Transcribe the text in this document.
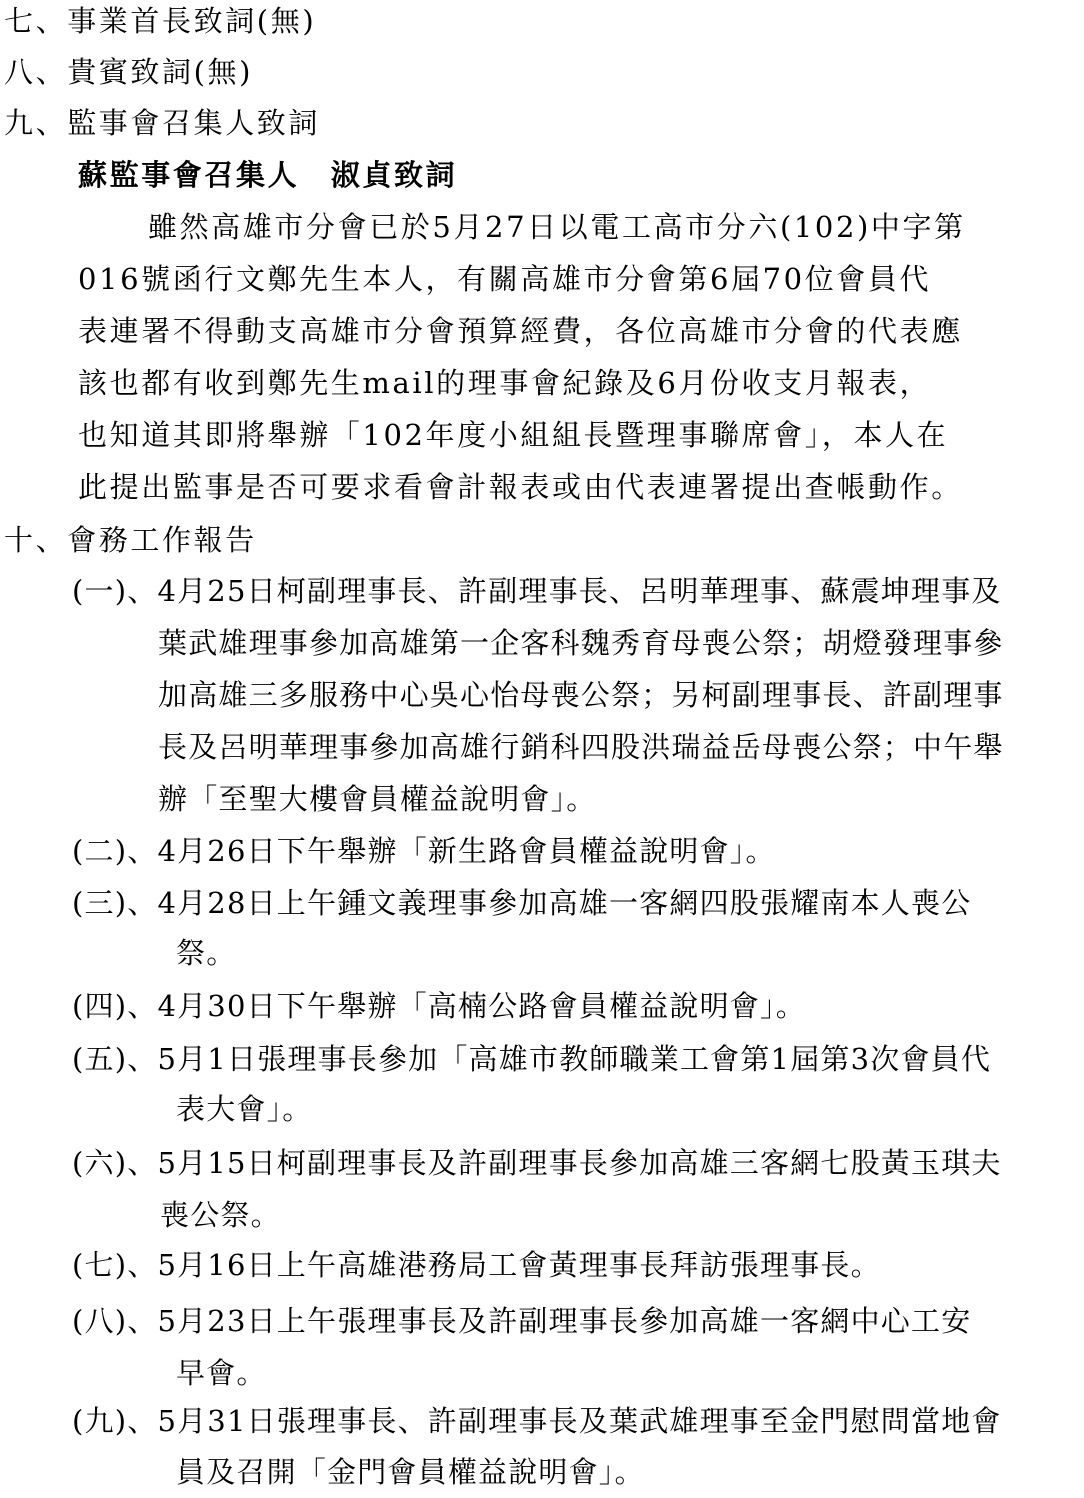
七、事業首長致詞(無)
八、貴賓致詞(無)
九、監事會召集人致詞
蘇監事會召集人　淑貞致詞
雖然高雄市分會已於5月27日以電工高市分六(102)中字第
016號函行文鄭先生本人，有關高雄市分會第6屆70位會員代
表連署不得動支高雄市分會預算經費，各位高雄市分會的代表應
該也都有收到鄭先生mail的理事會紀錄及6月份收支月報表，
也知道其即將舉辦「102年度小組組長暨理事聯席會」，本人在
此提出監事是否可要求看會計報表或由代表連署提出查帳動作。
十、會務工作報告
(一)、4月25日柯副理事長、許副理事長、呂明華理事、蘇震坤理事及
葉武雄理事參加高雄第一企客科魏秀育母喪公祭；胡燈發理事參
加高雄三多服務中心吳心怡母喪公祭；另柯副理事長、許副理事
長及呂明華理事參加高雄行銷科四股洪瑞益岳母喪公祭；中午舉
辦「至聖大樓會員權益說明會」。
(二)、4月26日下午舉辦「新生路會員權益說明會」。
(三)、4月28日上午鍾文義理事參加高雄一客網四股張耀南本人喪公
祭。
(四)、4月30日下午舉辦「高楠公路會員權益說明會」。
(五)、5月1日張理事長參加「高雄市教師職業工會第1屆第3次會員代
表大會」。
(六)、5月15日柯副理事長及許副理事長參加高雄三客網七股黃玉琪夫
喪公祭。
(七)、5月16日上午高雄港務局工會黃理事長拜訪張理事長。
(八)、5月23日上午張理事長及許副理事長參加高雄一客網中心工安
早會。
(九)、5月31日張理事長、許副理事長及葉武雄理事至金門慰問當地會
員及召開「金門會員權益說明會」。
